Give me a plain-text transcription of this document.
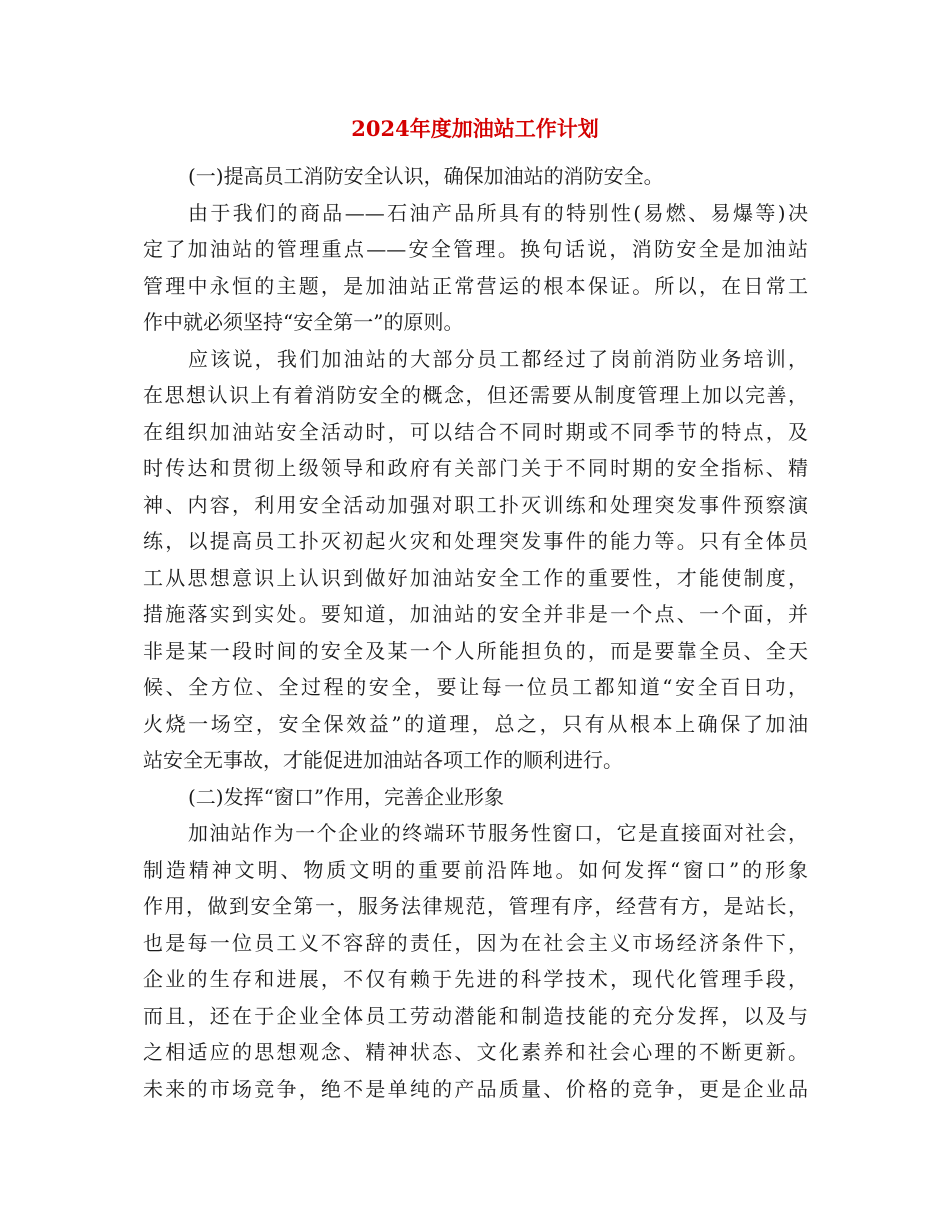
2024年度加油站工作计划
(一)提高员工消防安全认识，确保加油站的消防安全。
由于我们的商品——石油产品所具有的特别性(易燃、易爆等)决
定了加油站的管理重点——安全管理。换句话说，消防安全是加油站
管理中永恒的主题，是加油站正常营运的根本保证。所以，在日常工
作中就必须坚持“安全第一”的原则。
应该说，我们加油站的大部分员工都经过了岗前消防业务培训，
在思想认识上有着消防安全的概念，但还需要从制度管理上加以完善，
在组织加油站安全活动时，可以结合不同时期或不同季节的特点，及
时传达和贯彻上级领导和政府有关部门关于不同时期的安全指标、精
神、内容，利用安全活动加强对职工扑灭训练和处理突发事件预察演
练，以提高员工扑灭初起火灾和处理突发事件的能力等。只有全体员
工从思想意识上认识到做好加油站安全工作的重要性，才能使制度，
措施落实到实处。要知道，加油站的安全并非是一个点、一个面，并
非是某一段时间的安全及某一个人所能担负的，而是要靠全员、全天
候、全方位、全过程的安全，要让每一位员工都知道“安全百日功，
火烧一场空，安全保效益”的道理，总之，只有从根本上确保了加油
站安全无事故，才能促进加油站各项工作的顺利进行。
(二)发挥“窗口”作用，完善企业形象
加油站作为一个企业的终端环节服务性窗口，它是直接面对社会，
制造精神文明、物质文明的重要前沿阵地。如何发挥“窗口”的形象
作用，做到安全第一，服务法律规范，管理有序，经营有方，是站长，
也是每一位员工义不容辞的责任，因为在社会主义市场经济条件下，
企业的生存和进展，不仅有赖于先进的科学技术，现代化管理手段，
而且，还在于企业全体员工劳动潜能和制造技能的充分发挥，以及与
之相适应的思想观念、精神状态、文化素养和社会心理的不断更新。
未来的市场竞争，绝不是单纯的产品质量、价格的竞争，更是企业品
